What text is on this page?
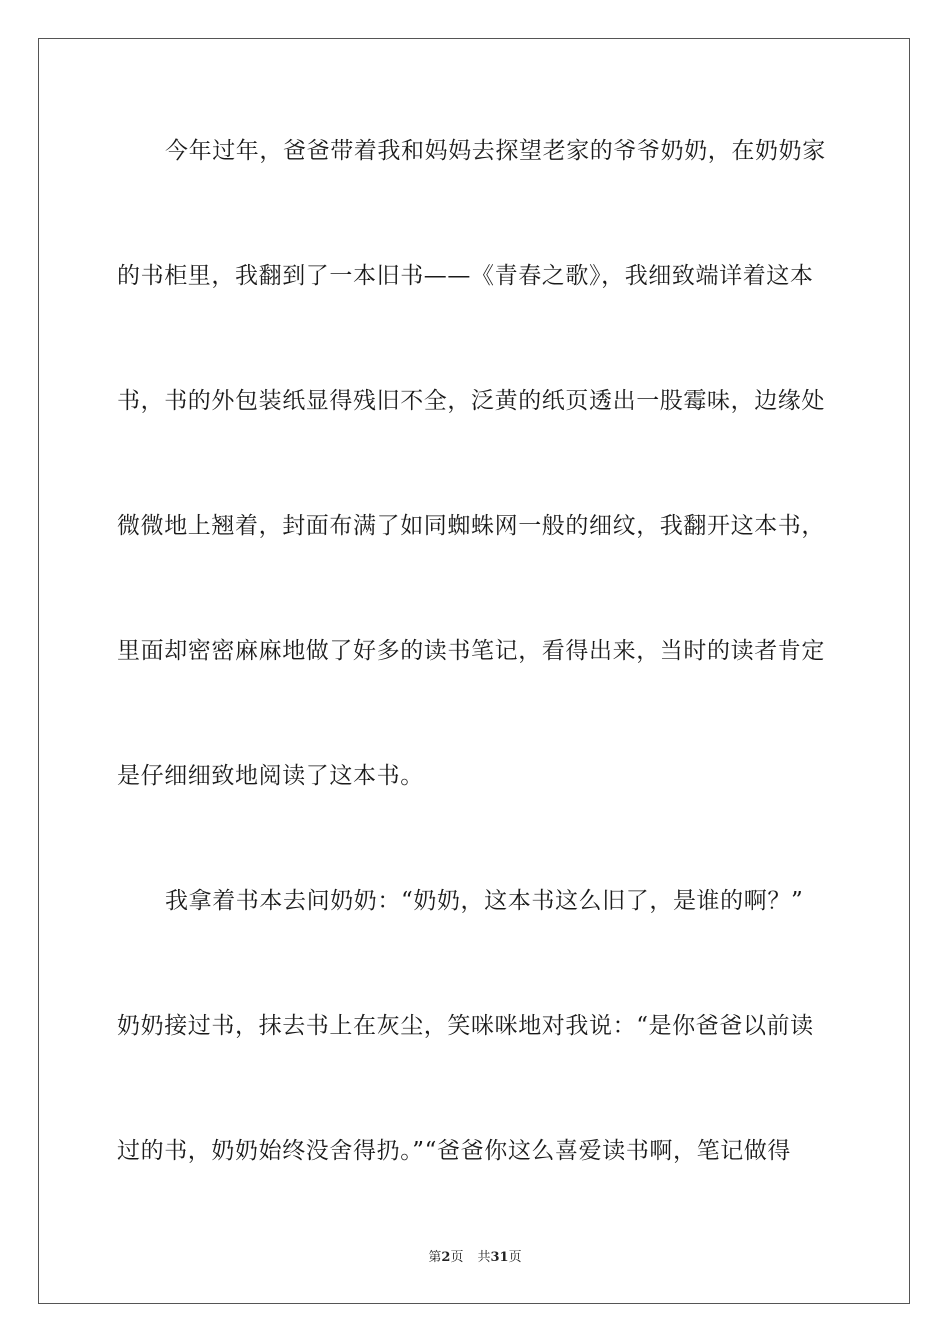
今年过年，爸爸带着我和妈妈去探望老家的爷爷奶奶，在奶奶家
的书柜里，我翻到了一本旧书——《青春之歌》，我细致端详着这本
书，书的外包装纸显得残旧不全，泛黄的纸页透出一股霉味，边缘处
微微地上翘着，封面布满了如同蜘蛛网一般的细纹，我翻开这本书，
里面却密密麻麻地做了好多的读书笔记，看得出来，当时的读者肯定
是仔细细致地阅读了这本书。
我拿着书本去问奶奶：“奶奶，这本书这么旧了，是谁的啊？”
奶奶接过书，抹去书上在灰尘，笑咪咪地对我说：“是你爸爸以前读
过的书，奶奶始终没舍得扔。”“爸爸你这么喜爱读书啊，笔记做得
第2页 共31页
